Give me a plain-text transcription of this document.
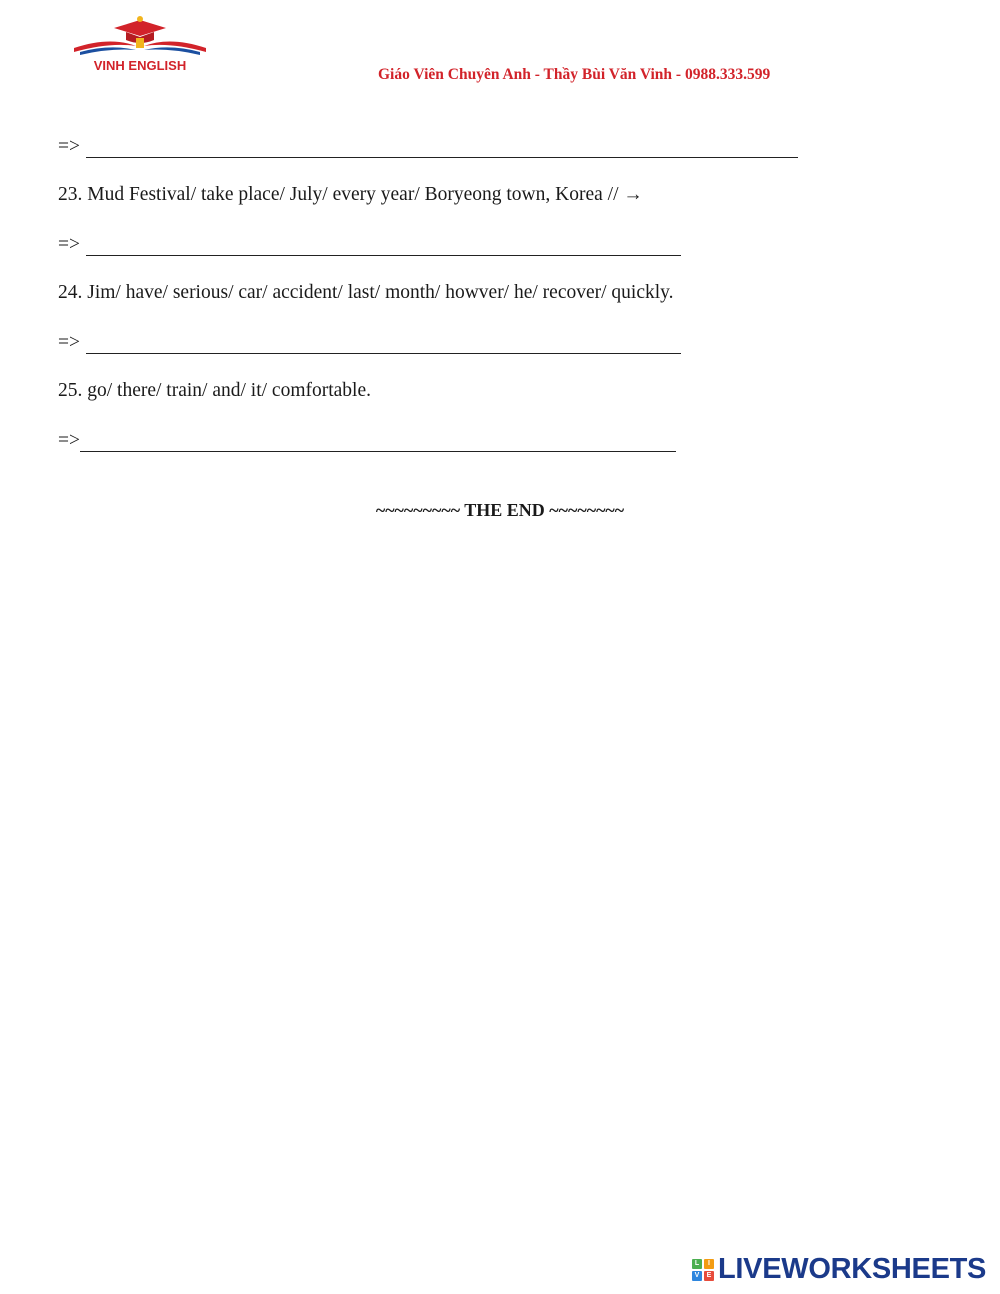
VINH ENGLISH
Giáo Viên Chuyên Anh - Thầy Bùi Văn Vinh - 0988.333.599
=>
23. Mud Festival/ take place/ July/ every year/ Boryeong town, Korea // →
=>
24. Jim/ have/ serious/ car/ accident/ last/ month/ howver/ he/ recover/ quickly.
=>
25. go/ there/ train/ and/ it/ comfortable.
=>
~~~~~~~~~ THE END ~~~~~~~~
L	I
V	E LIVEWORKSHEETS
